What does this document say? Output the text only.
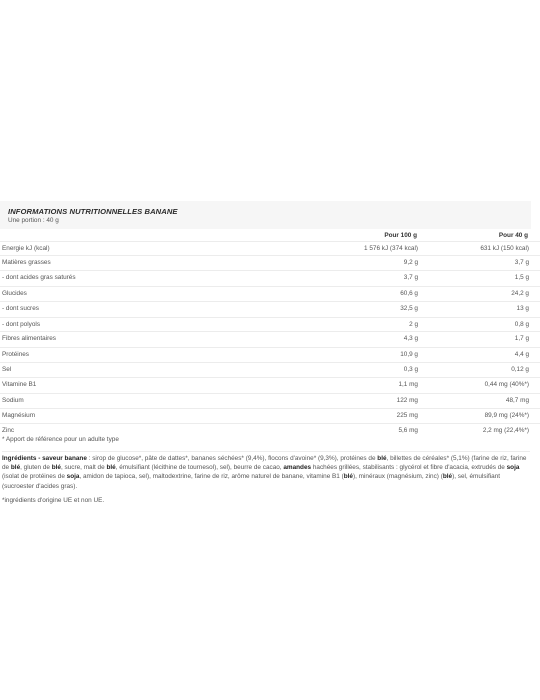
INFORMATIONS NUTRITIONNELLES BANANE
Une portion : 40 g
Pour 100 g	Pour 40 g
Energie kJ (kcal)	1 576 kJ (374 kcal)	631 kJ (150 kcal)
Matières grasses	9,2 g	3,7 g
- dont acides gras saturés	3,7 g	1,5 g
Glucides	60,6 g	24,2 g
- dont sucres	32,5 g	13 g
- dont polyols	2 g	0,8 g
Fibres alimentaires	4,3 g	1,7 g
Protéines	10,9 g	4,4 g
Sel	0,3 g	0,12 g
Vitamine B1	1,1 mg	0,44 mg (40%*)
Sodium	122 mg	48,7 mg
Magnésium	225 mg	89,9 mg (24%*)
Zinc	5,6 mg	2,2 mg (22,4%*)
* Apport de référence pour un adulte type
Ingrédients - saveur banane : sirop de glucose*, pâte de dattes*, bananes séchées* (9,4%), flocons d'avoine* (9,3%), protéines de blé, billettes de céréales* (5,1%) (farine de riz, farine de blé, gluten de blé, sucre, malt de blé, émulsifiant (lécithine de tournesol), sel), beurre de cacao, amandes hachées grillées, stabilisants : glycérol et fibre d'acacia, extrudés de soja (isolat de protéines de soja, amidon de tapioca, sel), maltodextrine, farine de riz, arôme naturel de banane, vitamine B1 (blé), minéraux (magnésium, zinc) (blé), sel, émulsifiant (sucroester d'acides gras).
*ingrédients d'origine UE et non UE.
